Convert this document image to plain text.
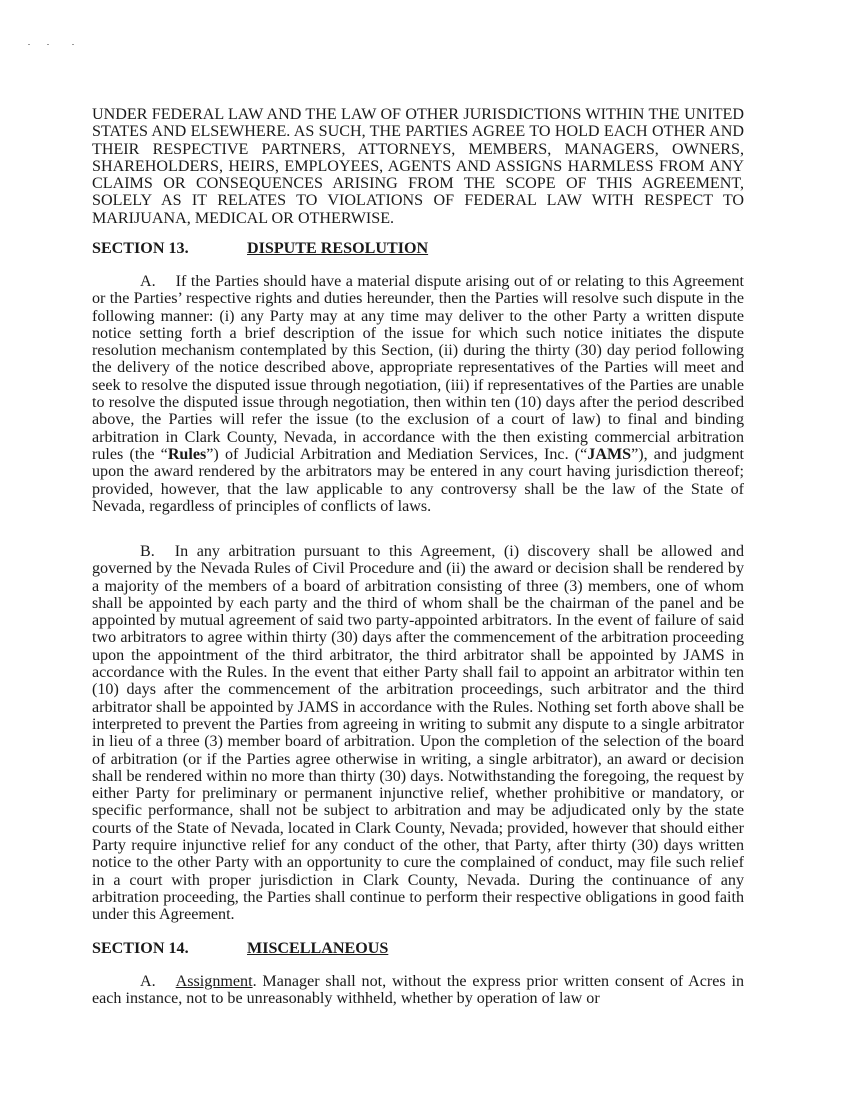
UNDER FEDERAL LAW AND THE LAW OF OTHER JURISDICTIONS WITHIN THE UNITED STATES AND ELSEWHERE. AS SUCH, THE PARTIES AGREE TO HOLD EACH OTHER AND THEIR RESPECTIVE PARTNERS, ATTORNEYS, MEMBERS, MANAGERS, OWNERS, SHAREHOLDERS, HEIRS, EMPLOYEES, AGENTS AND ASSIGNS HARMLESS FROM ANY CLAIMS OR CONSEQUENCES ARISING FROM THE SCOPE OF THIS AGREEMENT, SOLELY AS IT RELATES TO VIOLATIONS OF FEDERAL LAW WITH RESPECT TO MARIJUANA, MEDICAL OR OTHERWISE.

SECTION 13.	DISPUTE RESOLUTION

A. If the Parties should have a material dispute arising out of or relating to this Agreement or the Parties’ respective rights and duties hereunder, then the Parties will resolve such dispute in the following manner: (i) any Party may at any time may deliver to the other Party a written dispute notice setting forth a brief description of the issue for which such notice initiates the dispute resolution mechanism contemplated by this Section, (ii) during the thirty (30) day period following the delivery of the notice described above, appropriate representatives of the Parties will meet and seek to resolve the disputed issue through negotiation, (iii) if representatives of the Parties are unable to resolve the disputed issue through negotiation, then within ten (10) days after the period described above, the Parties will refer the issue (to the exclusion of a court of law) to final and binding arbitration in Clark County, Nevada, in accordance with the then existing commercial arbitration rules (the “Rules”) of Judicial Arbitration and Mediation Services, Inc. (“JAMS”), and judgment upon the award rendered by the arbitrators may be entered in any court having jurisdiction thereof; provided, however, that the law applicable to any controversy shall be the law of the State of Nevada, regardless of principles of conflicts of laws.

B. In any arbitration pursuant to this Agreement, (i) discovery shall be allowed and governed by the Nevada Rules of Civil Procedure and (ii) the award or decision shall be rendered by a majority of the members of a board of arbitration consisting of three (3) members, one of whom shall be appointed by each party and the third of whom shall be the chairman of the panel and be appointed by mutual agreement of said two party-appointed arbitrators. In the event of failure of said two arbitrators to agree within thirty (30) days after the commencement of the arbitration proceeding upon the appointment of the third arbitrator, the third arbitrator shall be appointed by JAMS in accordance with the Rules. In the event that either Party shall fail to appoint an arbitrator within ten (10) days after the commencement of the arbitration proceedings, such arbitrator and the third arbitrator shall be appointed by JAMS in accordance with the Rules. Nothing set forth above shall be interpreted to prevent the Parties from agreeing in writing to submit any dispute to a single arbitrator in lieu of a three (3) member board of arbitration. Upon the completion of the selection of the board of arbitration (or if the Parties agree otherwise in writing, a single arbitrator), an award or decision shall be rendered within no more than thirty (30) days. Notwithstanding the foregoing, the request by either Party for preliminary or permanent injunctive relief, whether prohibitive or mandatory, or specific performance, shall not be subject to arbitration and may be adjudicated only by the state courts of the State of Nevada, located in Clark County, Nevada; provided, however that should either Party require injunctive relief for any conduct of the other, that Party, after thirty (30) days written notice to the other Party with an opportunity to cure the complained of conduct, may file such relief in a court with proper jurisdiction in Clark County, Nevada. During the continuance of any arbitration proceeding, the Parties shall continue to perform their respective obligations in good faith under this Agreement.

SECTION 14.	MISCELLANEOUS

A. Assignment. Manager shall not, without the express prior written consent of Acres in each instance, not to be unreasonably withheld, whether by operation of law or
